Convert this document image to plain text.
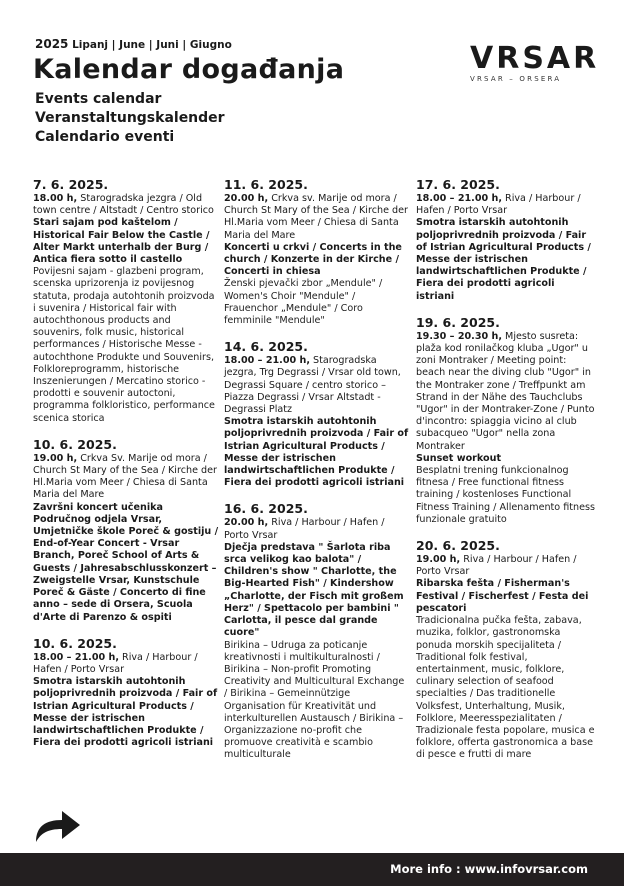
2025 Lipanj | June | Juni | Giugno
Kalendar događanja
Events calendar
Veranstaltungskalender
Calendario eventi
VRSAR
VRSAR – ORSERA
7. 6. 2025.
18.00 h, Starogradska jezgra / Old town centre / Altstadt / Centro storico
Stari sajam pod kaštelom / Historical Fair Below the Castle / Alter Markt unterhalb der Burg / Antica fiera sotto il castello
Povijesni sajam - glazbeni program, scenska uprizorenja iz povijesnog statuta, prodaja autohtonih proizvoda i suvenira / Historical fair with autochthonous products and souvenirs, folk music, historical performances / Historische Messe - autochthone Produkte und Souvenirs, Folkloreprogramm, historische Inszenierungen / Mercatino storico - prodotti e souvenir autoctoni, programma folkloristico, performance scenica storica
10. 6. 2025.
19.00 h, Crkva Sv. Marije od mora / Church St Mary of the Sea / Kirche der Hl.Maria vom Meer / Chiesa di Santa Maria del Mare
Završni koncert učenika Područnog odjela Vrsar, Umjetničke škole Poreč & gostiju / End-of-Year Concert - Vrsar Branch, Poreč School of Arts & Guests / Jahresabschlusskonzert – Zweigstelle Vrsar, Kunstschule Poreč & Gäste / Concerto di fine anno – sede di Orsera, Scuola d'Arte di Parenzo & ospiti
10. 6. 2025.
18.00 – 21.00 h, Riva / Harbour / Hafen / Porto Vrsar
Smotra istarskih autohtonih poljoprivrednih proizvoda / Fair of Istrian Agricultural Products / Messe der istrischen landwirtschaftlichen Produkte / Fiera dei prodotti agricoli istriani
11. 6. 2025.
20.00 h, Crkva sv. Marije od mora / Church St Mary of the Sea / Kirche der Hl.Maria vom Meer / Chiesa di Santa Maria del Mare
Koncerti u crkvi / Concerts in the church / Konzerte in der Kirche / Concerti in chiesa
Ženski pjevački zbor „Mendule" / Women's Choir "Mendule" / Frauenchor „Mendule" / Coro femminile "Mendule"
14. 6. 2025.
18.00 – 21.00 h, Starogradska jezgra, Trg Degrassi / Vrsar old town, Degrassi Square / centro storico – Piazza Degrassi / Vrsar Altstadt - Degrassi Platz
Smotra istarskih autohtonih poljoprivrednih proizvoda / Fair of Istrian Agricultural Products / Messe der istrischen landwirtschaftlichen Produkte / Fiera dei prodotti agricoli istriani
16. 6. 2025.
20.00 h, Riva / Harbour / Hafen / Porto Vrsar
Dječja predstava " Šarlota riba srca velikog kao balota" / Children's show " Charlotte, the Big-Hearted Fish" / Kindershow „Charlotte, der Fisch mit großem Herz" / Spettacolo per bambini " Carlotta, il pesce dal grande cuore"
Birikina – Udruga za poticanje kreativnosti i multikulturalnosti / Birikina – Non-profit Promoting Creativity and Multicultural Exchange / Birikina – Gemeinnützige Organisation für Kreativität und interkulturellen Austausch / Birikina – Organizzazione no-profit che promuove creatività e scambio multiculturale
17. 6. 2025.
18.00 – 21.00 h, Riva / Harbour / Hafen / Porto Vrsar
Smotra istarskih autohtonih poljoprivrednih proizvoda / Fair of Istrian Agricultural Products / Messe der istrischen landwirtschaftlichen Produkte / Fiera dei prodotti agricoli istriani
19. 6. 2025.
19.30 – 20.30 h, Mjesto susreta: plaža kod ronilačkog kluba „Ugor" u zoni Montraker / Meeting point: beach near the diving club "Ugor" in the Montraker zone / Treffpunkt am Strand in der Nähe des Tauchclubs "Ugor" in der Montraker-Zone / Punto d'incontro: spiaggia vicino al club subacqueo "Ugor" nella zona Montraker
Sunset workout
Besplatni trening funkcionalnog fitnesa / Free functional fitness training / kostenloses Functional Fitness Training / Allenamento fitness funzionale gratuito
20. 6. 2025.
19.00 h, Riva / Harbour / Hafen / Porto Vrsar
Ribarska fešta / Fisherman's Festival / Fischerfest / Festa dei pescatori
Tradicionalna pučka fešta, zabava, muzika, folklor, gastronomska ponuda morskih specijaliteta / Traditional folk festival, entertainment, music, folklore, culinary selection of seafood specialties / Das traditionelle Volksfest, Unterhaltung, Musik, Folklore, Meeresspezialitaten / Tradizionale festa popolare, musica e folklore, offerta gastronomica a base di pesce e frutti di mare
More info : www.infovrsar.com
